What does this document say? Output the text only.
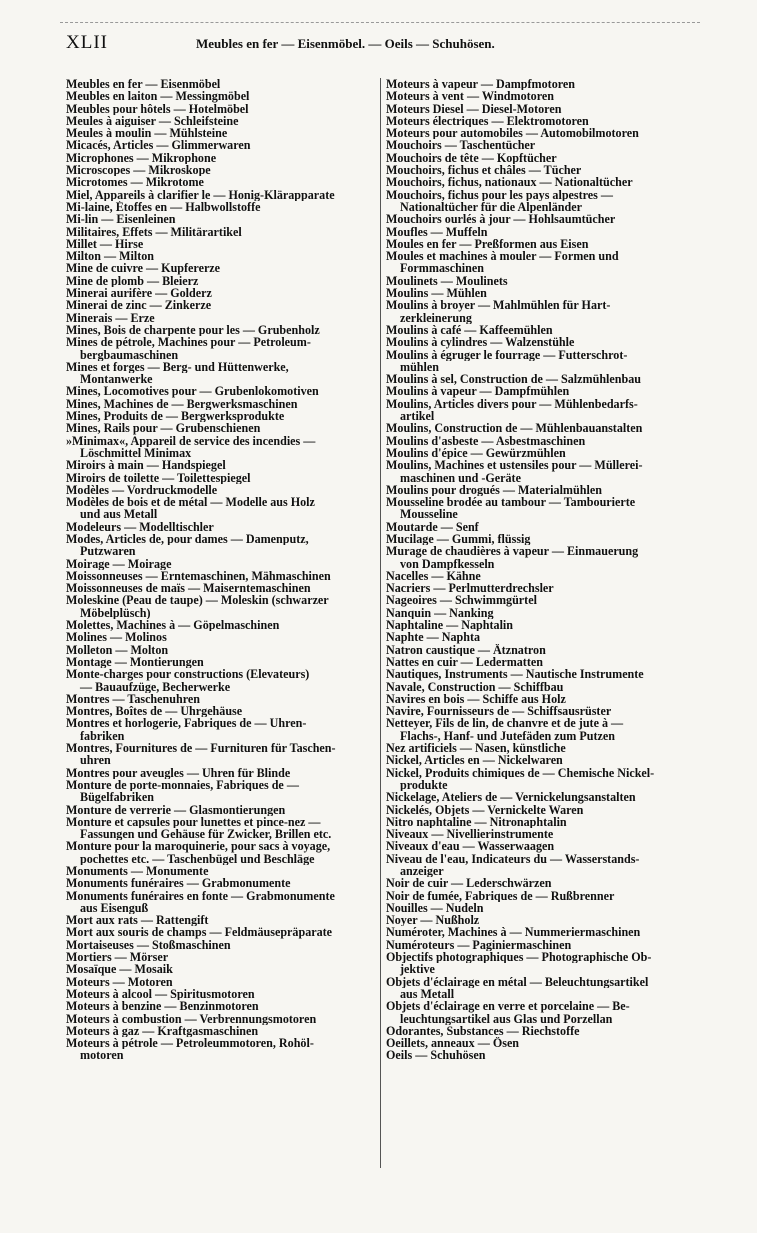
XLII	Meubles en fer — Eisenmöbel. — Oeils — Schuhösen.
Meubles en fer — Eisenmöbel
Meubles en laiton — Messingmöbel
Meubles pour hôtels — Hotelmöbel
Meules à aiguiser — Schleifsteine
Meules à moulin — Mühlsteine
Micacés, Articles — Glimmerwaren
Microphones — Mikrophone
Microscopes — Mikroskope
Microtomes — Mikrotome
Miel, Appareils à clarifier le — Honig-Klärapparate
Mi-laine, Étoffes en — Halbwollstoffe
Mi-lin — Eisenleinen
Militaires, Effets — Militärartikel
Millet — Hirse
Milton — Milton
Mine de cuivre — Kupfererze
Mine de plomb — Bleierz
Minerai aurifère — Golderz
Minerai de zinc — Zinkerze
Minerais — Erze
Mines, Bois de charpente pour les — Grubenholz
Mines de pétrole, Machines pour — Petroleum-
bergbaumaschinen
Mines et forges — Berg- und Hüttenwerke,
Montanwerke
Mines, Locomotives pour — Grubenlokomotiven
Mines, Machines de — Bergwerksmaschinen
Mines, Produits de — Bergwerksprodukte
Mines, Rails pour — Grubenschienen
»Minimax«, Appareil de service des incendies —
Löschmittel Minimax
Miroirs à main — Handspiegel
Miroirs de toilette — Toilettespiegel
Modèles — Vordruckmodelle
Modèles de bois et de métal — Modelle aus Holz
und aus Metall
Modeleurs — Modelltischler
Modes, Articles de, pour dames — Damenputz,
Putzwaren
Moirage — Moirage
Moissonneuses — Erntemaschinen, Mähmaschinen
Moissonneuses de maïs — Maiserntemaschinen
Moleskine (Peau de taupe) — Moleskin (schwarzer
Möbelplüsch)
Molettes, Machines à — Göpelmaschinen
Molines — Molinos
Molleton — Molton
Montage — Montierungen
Monte-charges pour constructions (Elevateurs)
— Bauaufzüge, Becherwerke
Montres — Taschenuhren
Montres, Boîtes de — Uhrgehäuse
Montres et horlogerie, Fabriques de — Uhren-
fabriken
Montres, Fournitures de — Furnituren für Taschen-
uhren
Montres pour aveugles — Uhren für Blinde
Monture de porte-monnaies, Fabriques de —
Bügelfabriken
Monture de verrerie — Glasmontierungen
Monture et capsules pour lunettes et pince-nez —
Fassungen und Gehäuse für Zwicker, Brillen etc.
Monture pour la maroquinerie, pour sacs à voyage,
pochettes etc. — Taschenbügel und Beschläge
Monuments — Monumente
Monuments funéraires — Grabmonumente
Monuments funéraires en fonte — Grabmonumente
aus Eisenguß
Mort aux rats — Rattengift
Mort aux souris de champs — Feldmäusepräparate
Mortaiseuses — Stoßmaschinen
Mortiers — Mörser
Mosaïque — Mosaik
Moteurs — Motoren
Moteurs à alcool — Spiritusmotoren
Moteurs à benzine — Benzinmotoren
Moteurs à combustion — Verbrennungsmotoren
Moteurs à gaz — Kraftgasmaschinen
Moteurs à pétrole — Petroleummotoren, Rohöl-
motoren
Moteurs à vapeur — Dampfmotoren
Moteurs à vent — Windmotoren
Moteurs Diesel — Diesel-Motoren
Moteurs électriques — Elektromotoren
Moteurs pour automobiles — Automobilmotoren
Mouchoirs — Taschentücher
Mouchoirs de tête — Kopftücher
Mouchoirs, fichus et châles — Tücher
Mouchoirs, fichus, nationaux — Nationaltücher
Mouchoirs, fichus pour les pays alpestres —
Nationaltücher für die Alpenländer
Mouchoirs ourlés à jour — Hohlsaumtücher
Moufles — Muffeln
Moules en fer — Preßformen aus Eisen
Moules et machines à mouler — Formen und
Formmaschinen
Moulinets — Moulinets
Moulins — Mühlen
Moulins à broyer — Mahlmühlen für Hart-
zerkleinerung
Moulins à café — Kaffeemühlen
Moulins à cylindres — Walzenstühle
Moulins à égruger le fourrage — Futterschrot-
mühlen
Moulins à sel, Construction de — Salzmühlenbau
Moulins à vapeur — Dampfmühlen
Moulins, Articles divers pour — Mühlenbedarfs-
artikel
Moulins, Construction de — Mühlenbauanstalten
Moulins d'asbeste — Asbestmaschinen
Moulins d'épice — Gewürzmühlen
Moulins, Machines et ustensiles pour — Müllerei-
maschinen und -Geräte
Moulins pour drogués — Materialmühlen
Mousseline brodée au tambour — Tambourierte
Mousseline
Moutarde — Senf
Mucilage — Gummi, flüssig
Murage de chaudières à vapeur — Einmauerung
von Dampfkesseln
Nacelles — Kähne
Nacriers — Perlmutterdrechsler
Nageoires — Schwimmgürtel
Nanquin — Nanking
Naphtaline — Naphtalin
Naphte — Naphta
Natron caustique — Ätznatron
Nattes en cuir — Ledermatten
Nautiques, Instruments — Nautische Instrumente
Navale, Construction — Schiffbau
Navires en bois — Schiffe aus Holz
Navire, Fournisseurs de — Schiffsausrüster
Netteyer, Fils de lin, de chanvre et de jute à —
Flachs-, Hanf- und Jutefäden zum Putzen
Nez artificiels — Nasen, künstliche
Nickel, Articles en — Nickelwaren
Nickel, Produits chimiques de — Chemische Nickel-
produkte
Nickelage, Ateliers de — Vernickelungsanstalten
Nickelés, Objets — Vernickelte Waren
Nitro naphtaline — Nitronaphtalin
Niveaux — Nivellierinstrumente
Niveaux d'eau — Wasserwaagen
Niveau de l'eau, Indicateurs du — Wasserstands-
anzeiger
Noir de cuir — Lederschwärzen
Noir de fumée, Fabriques de — Rußbrenner
Nouilles — Nudeln
Noyer — Nußholz
Numéroter, Machines à — Nummeriermaschinen
Numéroteurs — Paginiermaschinen
Objectifs photographiques — Photographische Ob-
jektive
Objets d'éclairage en métal — Beleuchtungsartikel
aus Metall
Objets d'éclairage en verre et porcelaine — Be-
leuchtungsartikel aus Glas und Porzellan
Odorantes, Substances — Riechstoffe
Oeillets, anneaux — Ösen
Oeils — Schuhösen
